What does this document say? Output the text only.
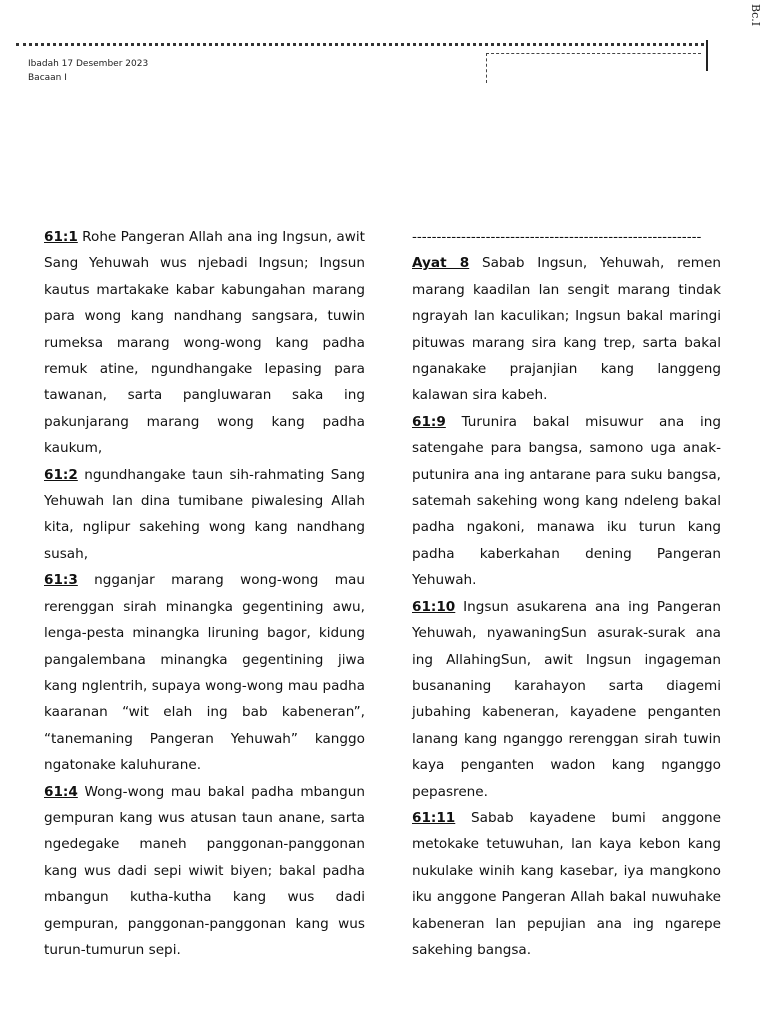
Bc.I
Ibadah 17 Desember 2023
Bacaan I

61:1 Rohe Pangeran Allah ana ing Ingsun, awit Sang Yehuwah wus njebadi Ingsun; Ingsun kautus martakake kabar kabungahan marang para wong kang nandhang sangsara, tuwin rumeksa marang wong-wong kang padha remuk atine, ngundhangake lepasing para tawanan, sarta pangluwaran saka ing pakunjarang marang wong kang padha kaukum,

61:2 ngundhangake taun sih-rahmating Sang Yehuwah lan dina tumibane piwalesing Allah kita, nglipur sakehing wong kang nandhang susah,

61:3 ngganjar marang wong-wong mau rerenggan sirah minangka gegentining awu, lenga-pesta minangka liruning bagor, kidung pangalembana minangka gegentining jiwa kang nglentrih, supaya wong-wong mau padha kaaranan “wit elah ing bab kabeneran”, “tanemaning Pangeran Yehuwah” kanggo ngatonake kaluhurane.

61:4 Wong-wong mau bakal padha mbangun gempuran kang wus atusan taun anane, sarta ngedegake maneh panggonan-panggonan kang wus dadi sepi wiwit biyen; bakal padha mbangun kutha-kutha kang wus dadi gempuran, panggonan-panggonan kang wus turun-tumurun sepi.

-----------------------------------------------------------

Ayat 8 Sabab Ingsun, Yehuwah, remen marang kaadilan lan sengit marang tindak ngrayah lan kaculikan; Ingsun bakal maringi pituwas marang sira kang trep, sarta bakal nganakake prajanjian kang langgeng kalawan sira kabeh.

61:9 Turunira bakal misuwur ana ing satengahe para bangsa, samono uga anak-putunira ana ing antarane para suku bangsa, satemah sakehing wong kang ndeleng bakal padha ngakoni, manawa iku turun kang padha kaberkahan dening Pangeran Yehuwah.

61:10 Ingsun asukarena ana ing Pangeran Yehuwah, nyawaningSun asurak-surak ana ing AllahingSun, awit Ingsun ingageman busananing karahayon sarta diagemi jubahing kabeneran, kayadene penganten lanang kang nganggo rerenggan sirah tuwin kaya penganten wadon kang nganggo pepasrene.

61:11 Sabab kayadene bumi anggone metokake tetuwuhan, lan kaya kebon kang nukulake winih kang kasebar, iya mangkono iku anggone Pangeran Allah bakal nuwuhake kabeneran lan pepujian ana ing ngarepe sakehing bangsa.
